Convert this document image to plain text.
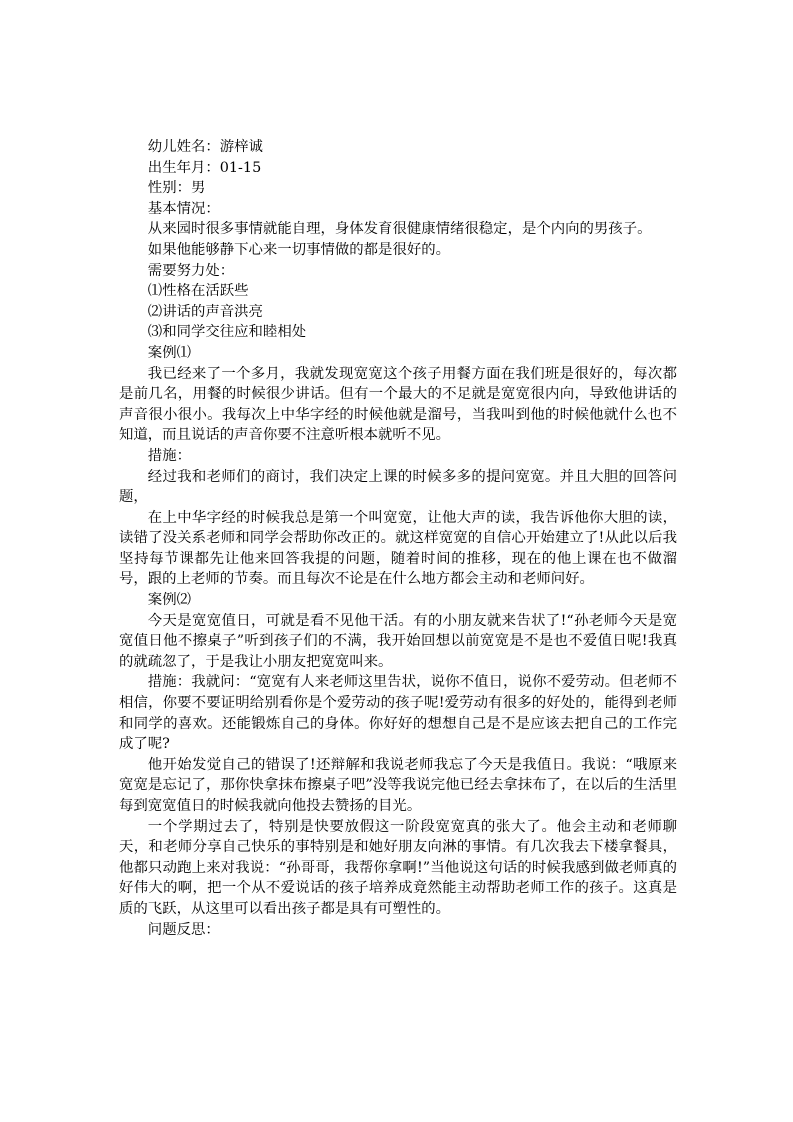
幼儿姓名：游梓诚

出生年月：01-15

性别：男

基本情况：

从来园时很多事情就能自理，身体发育很健康情绪很稳定，是个内向的男孩子。

如果他能够静下心来一切事情做的都是很好的。

需要努力处：

⑴性格在活跃些

⑵讲话的声音洪亮

⑶和同学交往应和睦相处

案例⑴

我已经来了一个多月，我就发现宽宽这个孩子用餐方面在我们班是很好的，每次都是前几名，用餐的时候很少讲话。但有一个最大的不足就是宽宽很内向，导致他讲话的声音很小很小。我每次上中华字经的时候他就是溜号，当我叫到他的时候他就什么也不知道，而且说话的声音你要不注意听根本就听不见。

措施：

经过我和老师们的商讨，我们决定上课的时候多多的提问宽宽。并且大胆的回答问题，

在上中华字经的时候我总是第一个叫宽宽，让他大声的读，我告诉他你大胆的读，读错了没关系老师和同学会帮助你改正的。就这样宽宽的自信心开始建立了!从此以后我坚持每节课都先让他来回答我提的问题，随着时间的推移，现在的他上课在也不做溜号，跟的上老师的节奏。而且每次不论是在什么地方都会主动和老师问好。

案例⑵

今天是宽宽值日，可就是看不见他干活。有的小朋友就来告状了!“孙老师今天是宽宽值日他不擦桌子”听到孩子们的不满，我开始回想以前宽宽是不是也不爱值日呢!我真的就疏忽了，于是我让小朋友把宽宽叫来。

措施：我就问：“宽宽有人来老师这里告状，说你不值日，说你不爱劳动。但老师不相信，你要不要证明给别看你是个爱劳动的孩子呢!爱劳动有很多的好处的，能得到老师和同学的喜欢。还能锻炼自己的身体。你好好的想想自己是不是应该去把自己的工作完成了呢?

他开始发觉自己的错误了!还辩解和我说老师我忘了今天是我值日。我说：“哦原来宽宽是忘记了，那你快拿抹布擦桌子吧”没等我说完他已经去拿抹布了，在以后的生活里每到宽宽值日的时候我就向他投去赞扬的目光。

一个学期过去了，特别是快要放假这一阶段宽宽真的张大了。他会主动和老师聊天，和老师分享自己快乐的事特别是和她好朋友向淋的事情。有几次我去下楼拿餐具，他都只动跑上来对我说：“孙哥哥，我帮你拿啊!”当他说这句话的时候我感到做老师真的好伟大的啊，把一个从不爱说话的孩子培养成竟然能主动帮助老师工作的孩子。这真是质的飞跃，从这里可以看出孩子都是具有可塑性的。

问题反思：
